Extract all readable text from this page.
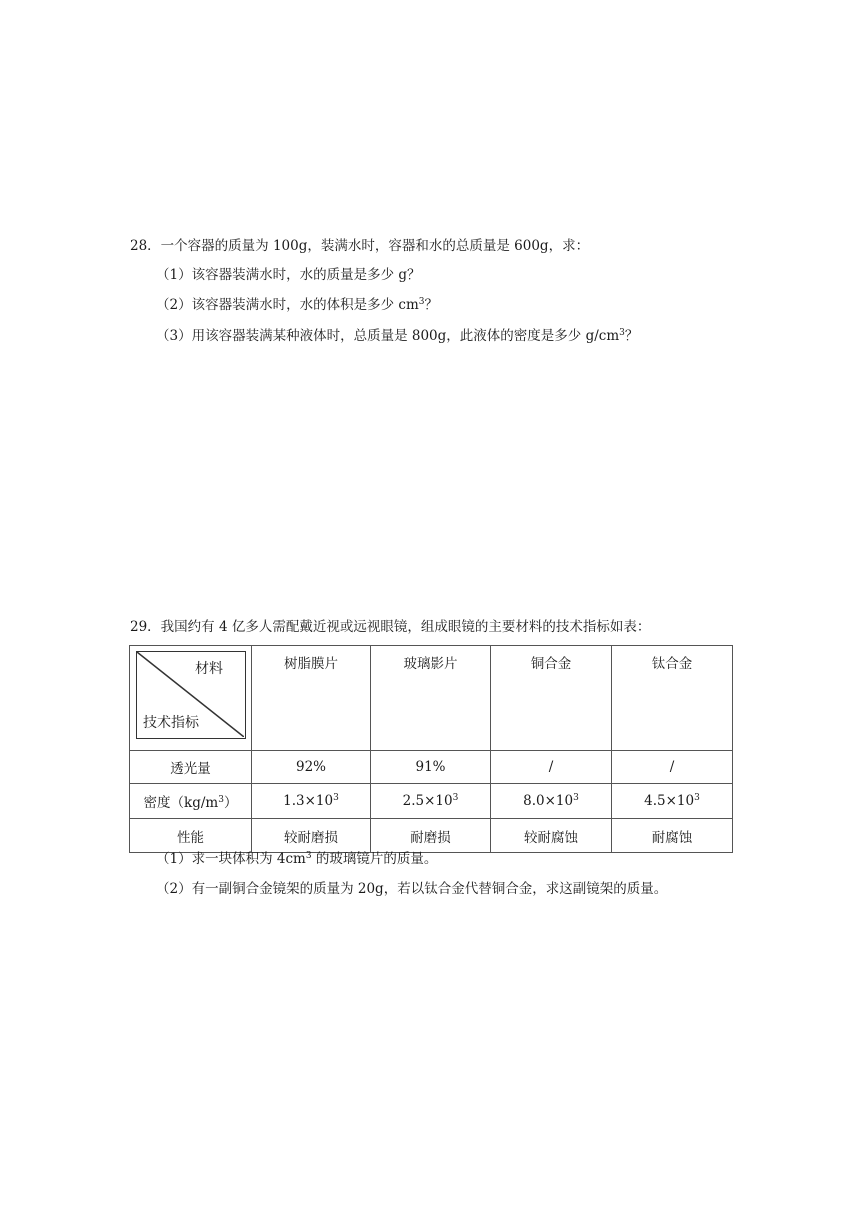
28．一个容器的质量为 100g，装满水时，容器和水的总质量是 600g，求：
（1）该容器装满水时，水的质量是多少 g？
（2）该容器装满水时，水的体积是多少 $cm^3$？
（3）用该容器装满某种液体时，总质量是 800g，此液体的密度是多少 $g/cm^3$？
29．我国约有 4 亿多人需配戴近视或远视眼镜，组成眼镜的主要材料的技术指标如表：
材料
技术指标	树脂膜片	玻璃影片	铜合金	钛合金
透光量	92%	91%	/	/
密度$(kg/m^3)$	$1.3\times 10^3$	$2.5\times 10^3$	$8.0\times 10^3$	$4.5\times 10^3$
性能	较耐磨损	耐磨损	较耐腐蚀	耐腐蚀
（1）求一块体积为 $4cm^3$ 的玻璃镜片的质量。
（2）有一副铜合金镜架的质量为 20g，若以钛合金代替铜合金，求这副镜架的质量。
